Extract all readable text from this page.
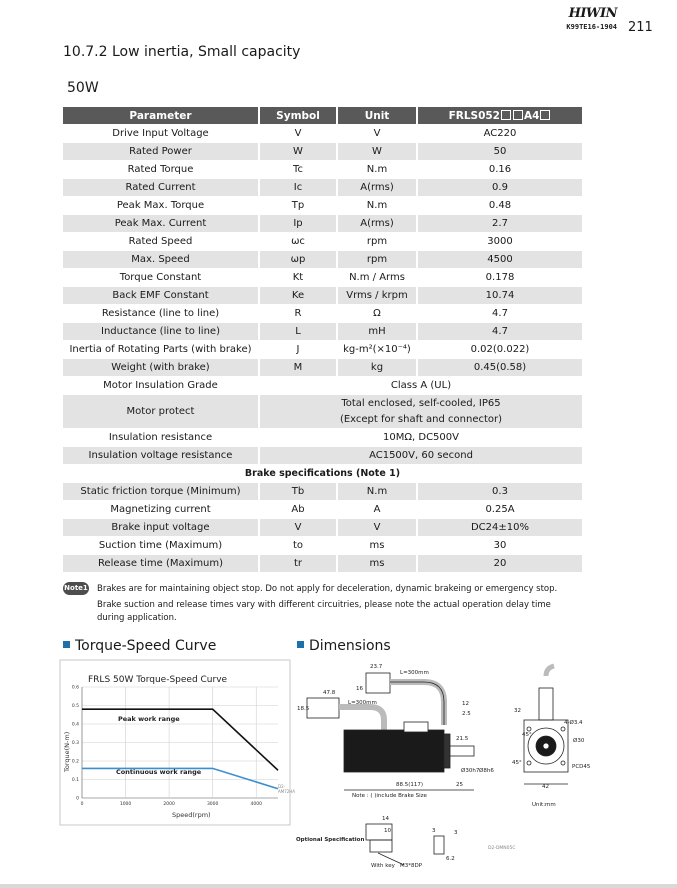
HIWIN
K99TE16-1904 211
10.7.2 Low inertia, Small capacity
50W
Parameter	Symbol	Unit	FRLS052 A4
Drive Input Voltage	V	V	AC220
Rated Power	W	W	50
Rated Torque	Tc	N.m	0.16
Rated Current	Ic	A(rms)	0.9
Peak Max. Torque	Tp	N.m	0.48
Peak Max. Current	Ip	A(rms)	2.7
Rated Speed	ωc	rpm	3000
Max. Speed	ωp	rpm	4500
Torque Constant	Kt	N.m / Arms	0.178
Back EMF Constant	Ke	Vrms / krpm	10.74
Resistance (line to line)	R	Ω	4.7
Inductance (line to line)	L	mH	4.7
Inertia of Rotating Parts (with brake)	J	kg-m²(×10⁻⁴)	0.02(0.022)
Weight (with brake)	M	kg	0.45(0.58)
Motor Insulation Grade	Class A (UL)		
Motor protect	Total enclosed, self-cooled, IP65
(Except for shaft and connector)		

Insulation resistance	10MΩ, DC500V		
Insulation voltage resistance	AC1500V, 60 second		
Brake specifications (Note 1)			
Static friction torque (Minimum)	Tb	N.m	0.3
Magnetizing current	Ab	A	0.25A
Brake input voltage	V	V	DC24±10%
Suction time (Maximum)	to	ms	30
Release time (Maximum)	tr	ms	20
Note1 Brakes are for maintaining object stop. Do not apply for deceleration, dynamic brakeing or emergency stop.
Brake suction and release times vary with different circuitries, please note the actual operation delay time during application.
Torque-Speed Curve	Dimensions
FRLS 50W Torque-Speed Curve
Torque(N-m)
Speed(rpm)
0
0.1
0.2
0.3
0.4
0.5
0.6
0	1000	2000	3000	4000
Peak work range
Continuous work range
D2-AM72HA
23.7
L=300mm
47.8
16
18.5
L=300mm	12
2.5
21.5
Ø8h6
Ø30h7
88.5(117)	25
Note : ( )include Brake Size
4-Ø3.4
Ø30
45°
45°
PCD45
32
42
Unit:mm
Optional Specification
14
10	3	3
6.2
With key M3*8DP
D2-DMN05C
